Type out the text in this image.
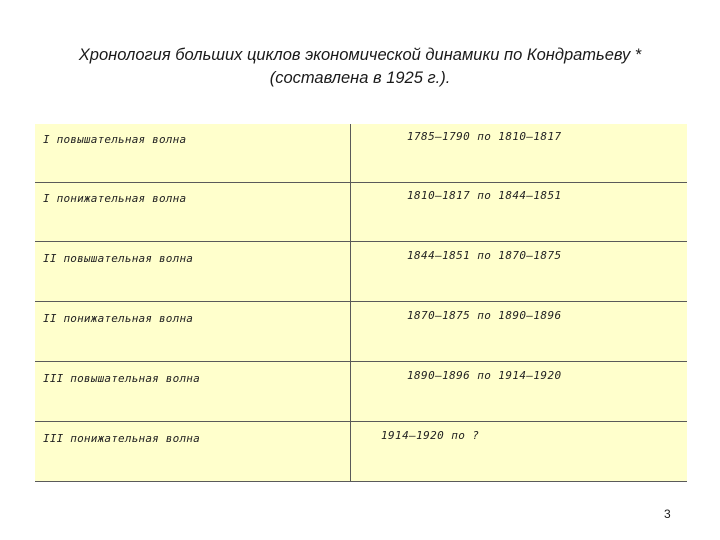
Хронология больших циклов экономической динамики по Кондратьеву *
(составлена в 1925 г.).
I повышательная волна	1785—1790 по 1810—1817
I понижательная волна	1810—1817 по 1844—1851
II повышательная волна	1844—1851 по 1870—1875
II понижательная волна	1870—1875 по 1890—1896
III повышательная волна	1890—1896 по 1914—1920
III понижательная волна	1914—1920 по ?
3
